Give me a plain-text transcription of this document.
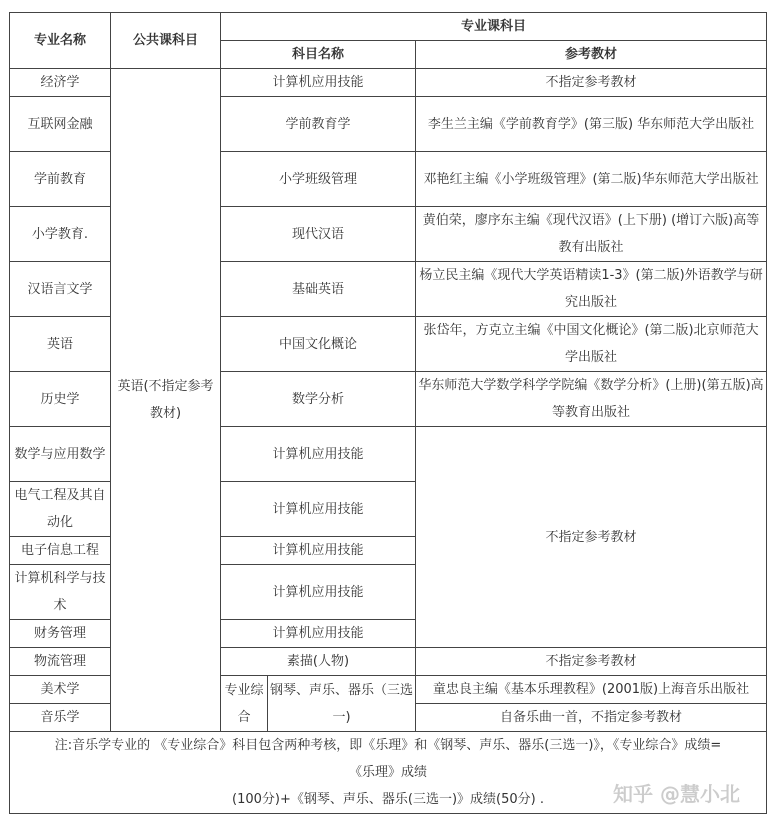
专业名称	公共课科目	专业课科目		
		科目名称		参考教材
经济学	英语(不指定参考教材)	计算机应用技能		不指定参考教材
互联网金融		学前教育学		李生兰主编《学前教育学》(第三版) 华东师范大学出版社
学前教育		小学班级管理		邓艳红主编《小学班级管理》(第二版)华东师范大学出版社
小学教育.		现代汉语		黄伯荣，廖序东主编《现代汉语》(上下册) (增订六版)高等教有出版社
汉语言文学		基础英语		杨立民主编《现代大学英语精读1-3》(第二版)外语教学与研究出版社
英语		中国文化概论		张岱年，方克立主编《中国文化概论》(第二版)北京师范大学出版社
历史学		数学分析		华东师范大学数学科学学院编《数学分析》(上册)(第五版)高等教育出版社
数学与应用数学		计算机应用技能		不指定参考教材
电气工程及其自动化		计算机应用技能		
电子信息工程		计算机应用技能		
计算机科学与技术		计算机应用技能		
财务管理		计算机应用技能		
物流管理		素描(人物)		不指定参考教材
美术学		专业综合	钢琴、声乐、器乐（三选一)	童忠良主编《基本乐理教程》(2001版)上海音乐出版社
音乐学				自备乐曲一首，不指定参考教材

注:音乐学专业的 《专业综合》科目包含两种考核，即《乐理》和《钢琴、声乐、器乐(三选一)》，《专业综合》成绩=
《乐理》成绩
(100分)+《钢琴、声乐、器乐(三选一)》成绩(50分) .					知乎 @慧小北
